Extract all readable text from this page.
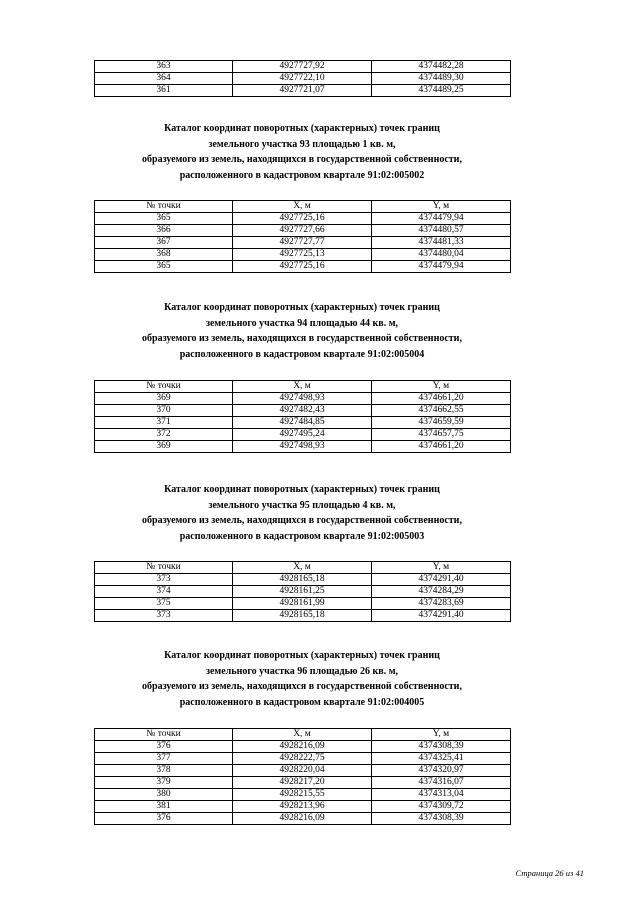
363	4927727,92	4374482,28
364	4927722,10	4374489,30
361	4927721,07	4374489,25
Каталог координат поворотных (характерных) точек границ
земельного участка 93 площадью 1 кв. м,
образуемого из земель, находящихся в государственной собственности,
расположенного в кадастровом квартале 91:02:005002
№ точки	X, м	Y, м
365	4927725,16	4374479,94
366	4927727,66	4374480,57
367	4927727,77	4374481,33
368	4927725,13	4374480,04
365	4927725,16	4374479,94
Каталог координат поворотных (характерных) точек границ
земельного участка 94 площадью 44 кв. м,
образуемого из земель, находящихся в государственной собственности,
расположенного в кадастровом квартале 91:02:005004
№ точки	X, м	Y, м
369	4927498,93	4374661,20
370	4927482,43	4374662,55
371	4927484,85	4374659,59
372	4927495,24	4374657,75
369	4927498,93	4374661,20
Каталог координат поворотных (характерных) точек границ
земельного участка 95 площадью 4 кв. м,
образуемого из земель, находящихся в государственной собственности,
расположенного в кадастровом квартале 91:02:005003
№ точки	X, м	Y, м
373	4928165,18	4374291,40
374	4928161,25	4374284,29
375	4928161,99	4374283,69
373	4928165,18	4374291,40
Каталог координат поворотных (характерных) точек границ
земельного участка 96 площадью 26 кв. м,
образуемого из земель, находящихся в государственной собственности,
расположенного в кадастровом квартале 91:02:004005
№ точки	X, м	Y, м
376	4928216,09	4374308,39
377	4928222,75	4374325,41
378	4928220,04	4374320,97
379	4928217,20	4374316,07
380	4928215,55	4374313,04
381	4928213,96	4374309,72
376	4928216,09	4374308,39
Страница 26 из 41
